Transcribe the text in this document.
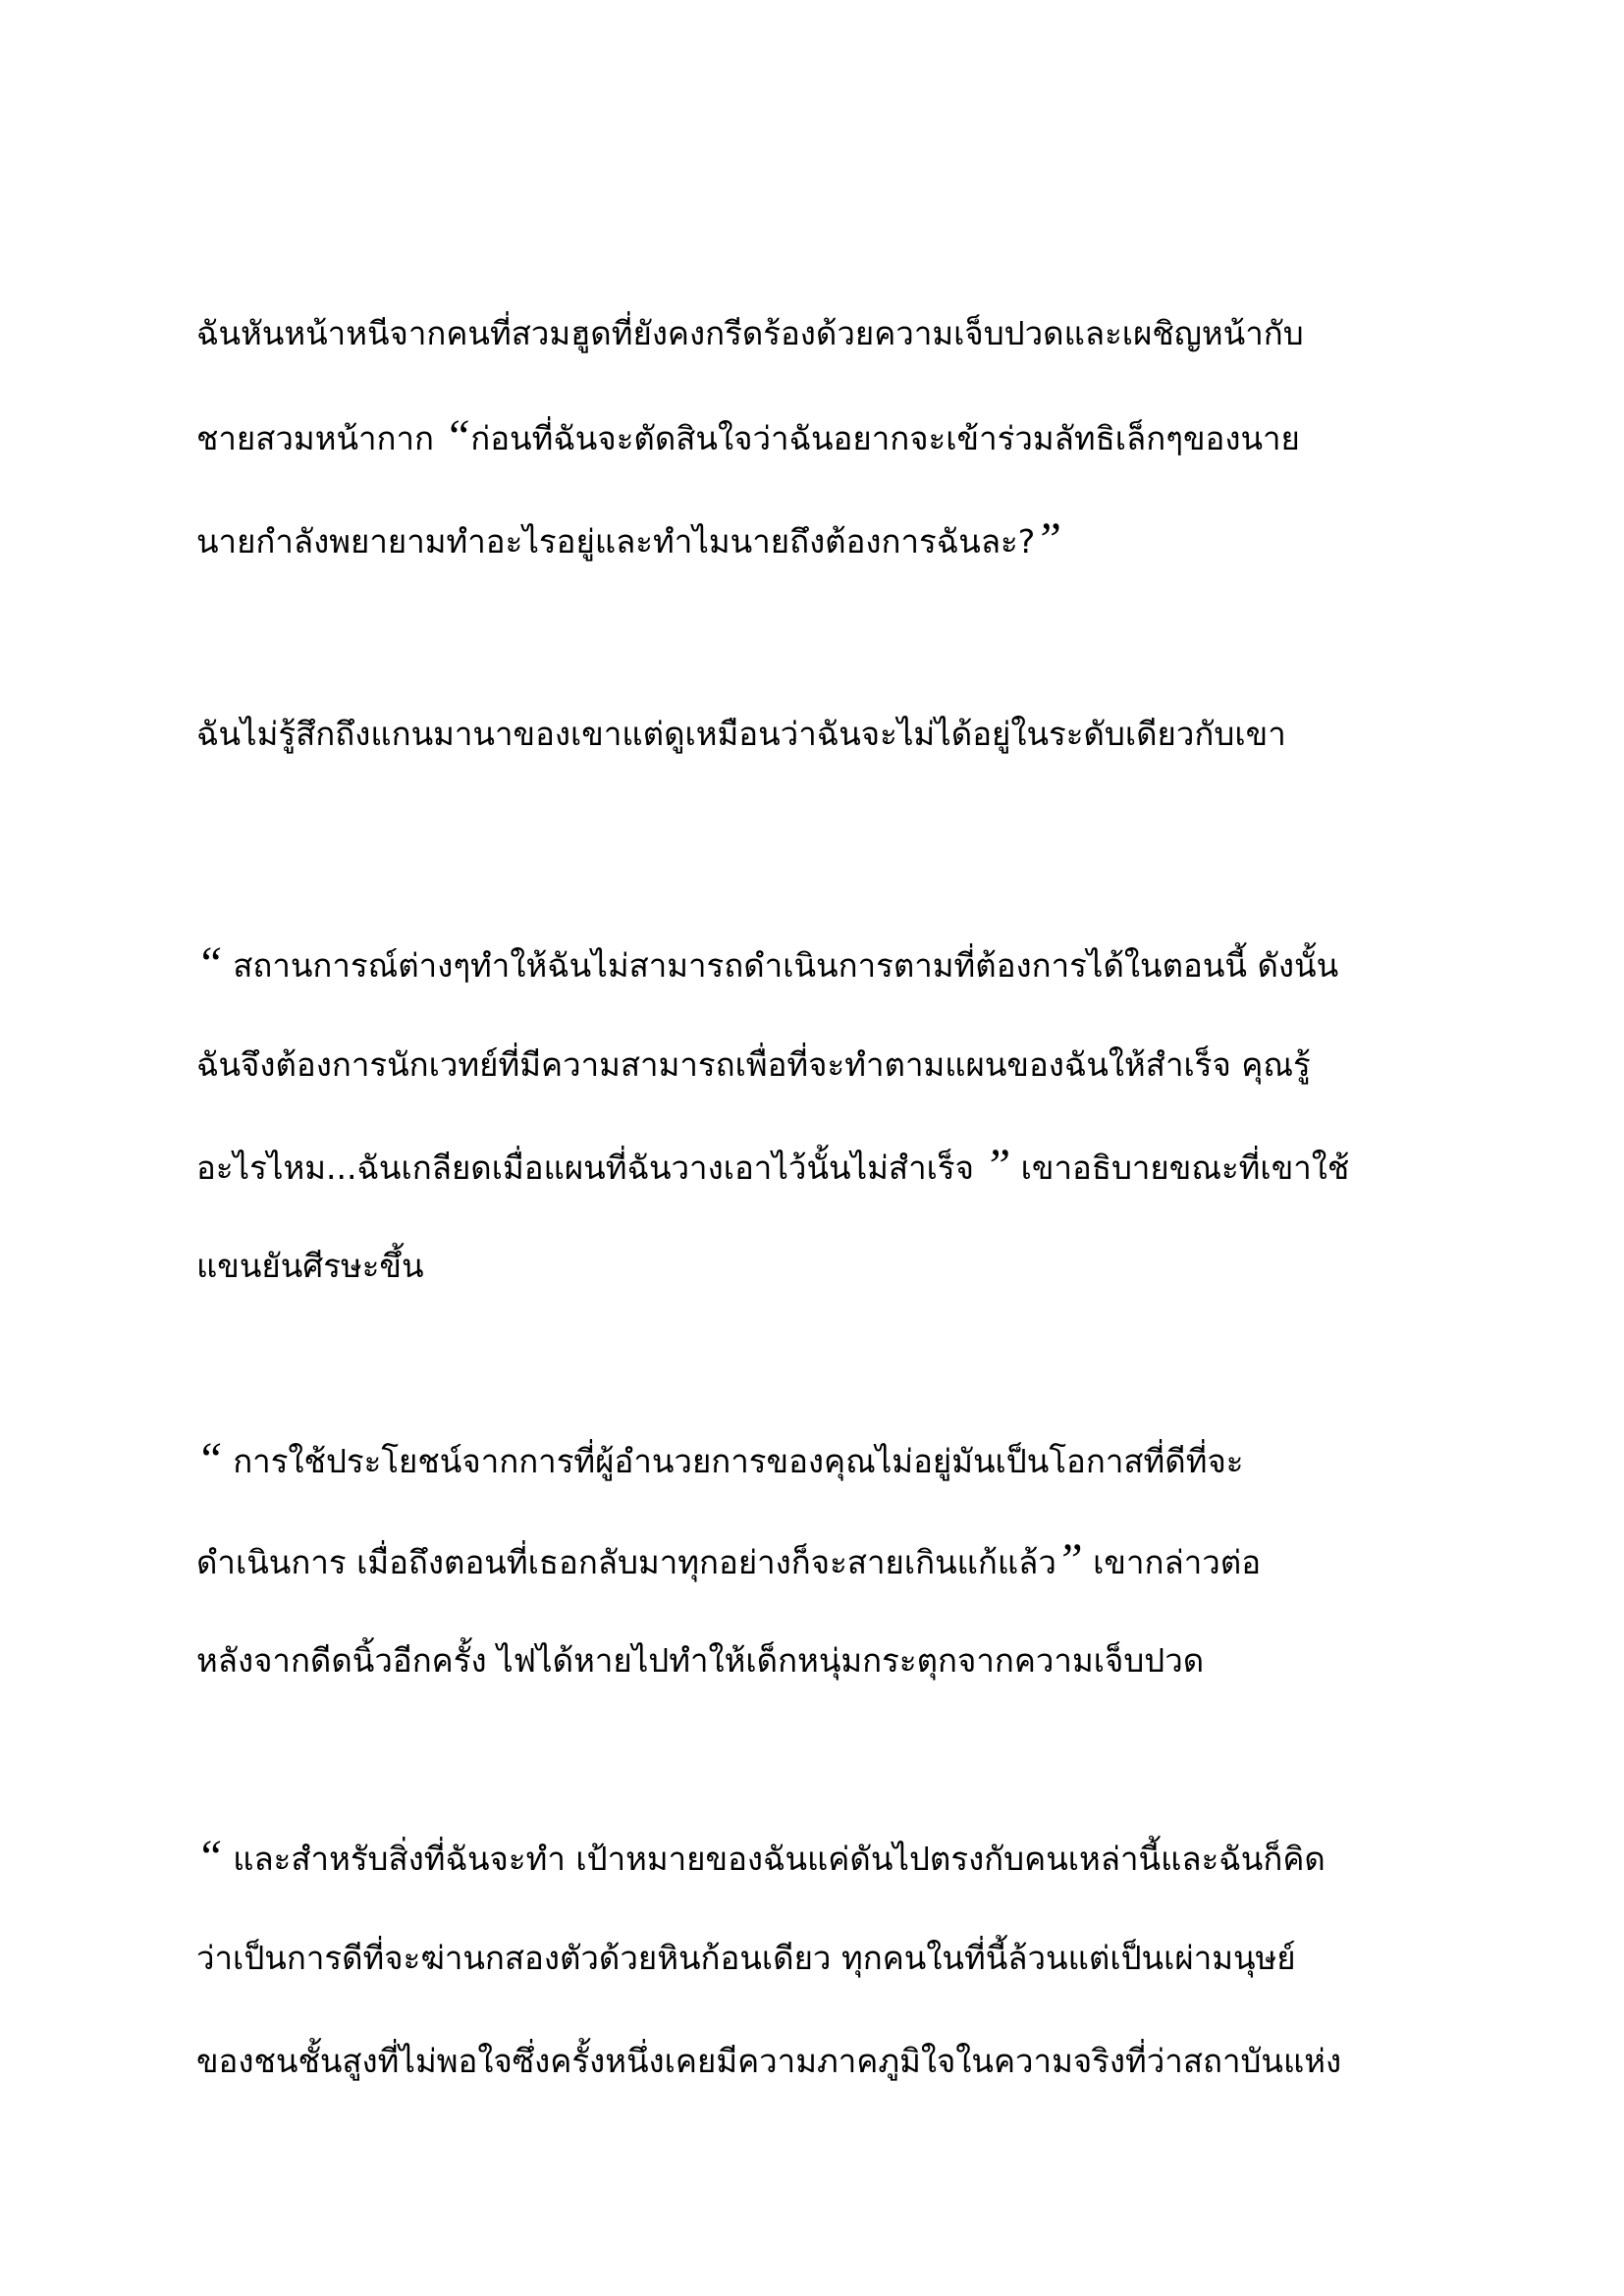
ฉันหันหน้าหนีจากคนที่สวมฮูดที่ยังคงกรีดร้องด้วยความเจ็บปวดและเผชิญหน้ากับ

ชายสวมหน้ากาก “ก่อนที่ฉันจะตัดสินใจว่าฉันอยากจะเข้าร่วมลัทธิเล็กๆของนาย

นายกำลังพยายามทำอะไรอยู่และทำไมนายถึงต้องการฉันละ?”

ฉันไม่รู้สึกถึงแกนมานาของเขาแต่ดูเหมือนว่าฉันจะไม่ได้อยู่ในระดับเดียวกับเขา

“ สถานการณ์ต่างๆทำให้ฉันไม่สามารถดำเนินการตามที่ต้องการได้ในตอนนี้ ดังนั้น

ฉันจึงต้องการนักเวทย์ที่มีความสามารถเพื่อที่จะทำตามแผนของฉันให้สำเร็จ คุณรู้

อะไรไหม...ฉันเกลียดเมื่อแผนที่ฉันวางเอาไว้นั้นไม่สำเร็จ ” เขาอธิบายขณะที่เขาใช้

แขนยันศีรษะขึ้น

“ การใช้ประโยชน์จากการที่ผู้อำนวยการของคุณไม่อยู่มันเป็นโอกาสที่ดีที่จะ

ดำเนินการ เมื่อถึงตอนที่เธอกลับมาทุกอย่างก็จะสายเกินแก้แล้ว” เขากล่าวต่อ

หลังจากดีดนิ้วอีกครั้ง ไฟได้หายไปทำให้เด็กหนุ่มกระตุกจากความเจ็บปวด

“ และสำหรับสิ่งที่ฉันจะทำ เป้าหมายของฉันแค่ดันไปตรงกับคนเหล่านี้และฉันก็คิด

ว่าเป็นการดีที่จะฆ่านกสองตัวด้วยหินก้อนเดียว ทุกคนในที่นี้ล้วนแต่เป็นเผ่ามนุษย์

ของชนชั้นสูงที่ไม่พอใจซึ่งครั้งหนึ่งเคยมีความภาคภูมิใจในความจริงที่ว่าสถาบันแห่ง
